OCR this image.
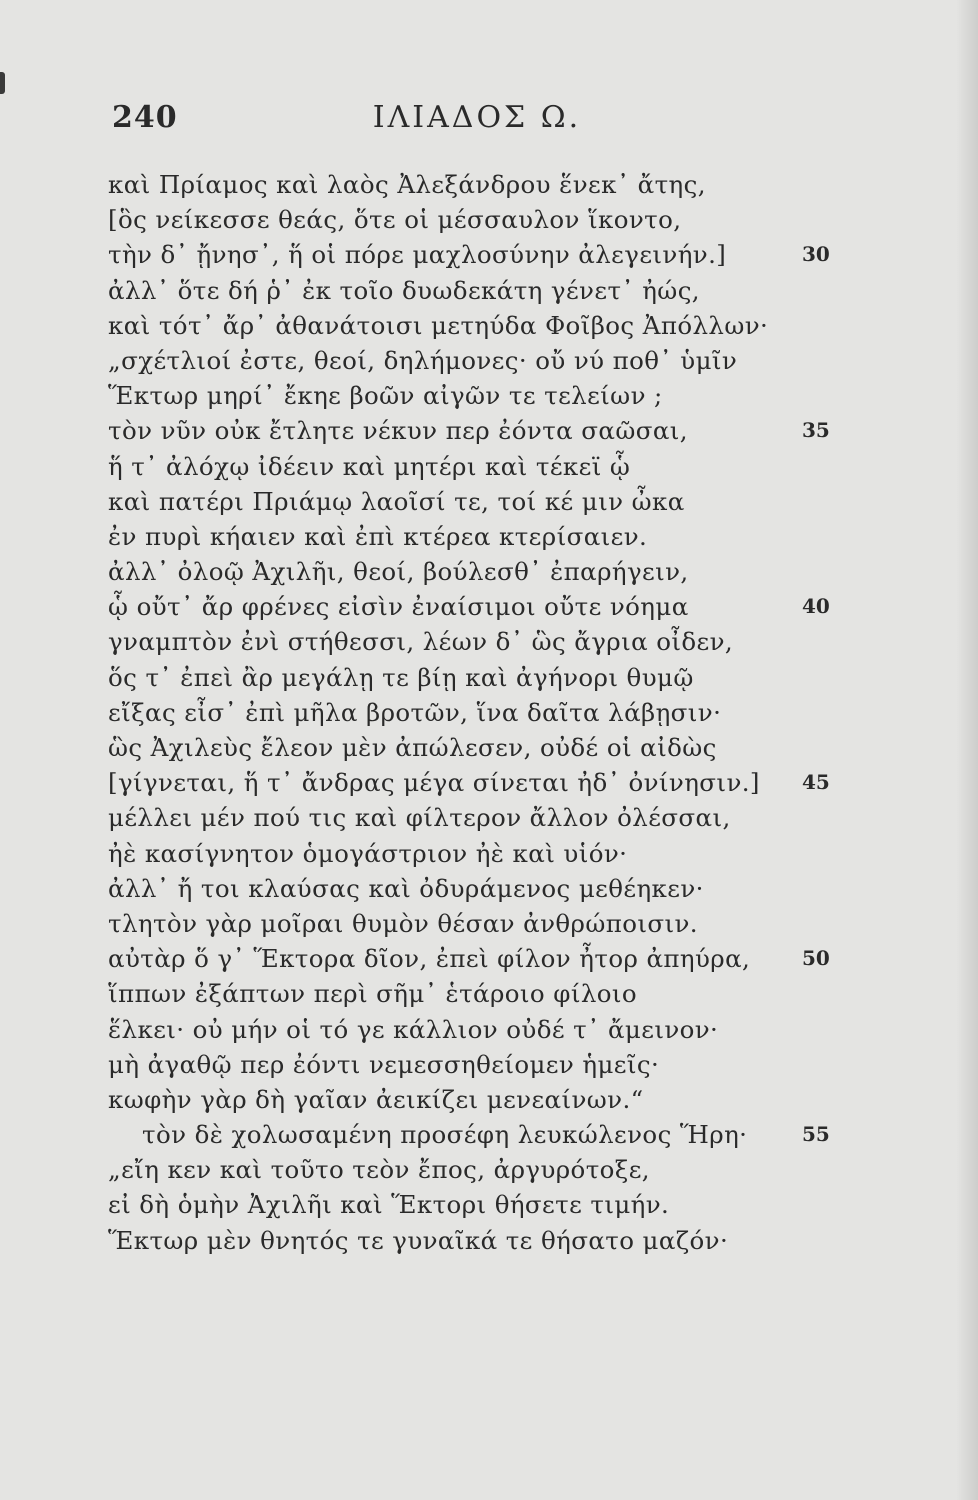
240	ΙΛΙΑΔΟΣ Ω.
καὶ Πρίαμος καὶ λαὸς Ἀλεξάνδρου ἕνεκ᾽ ἄτης,
[ὃς νείκεσσε θεάς, ὅτε οἱ μέσσαυλον ἵκοντο,
τὴν δ᾽ ᾔνησ᾽, ἥ οἱ πόρε μαχλοσύνην ἀλεγεινήν.]	30
ἀλλ᾽ ὅτε δή ῥ᾽ ἐκ τοῖο δυωδεκάτη γένετ᾽ ἠώς,
καὶ τότ᾽ ἄρ᾽ ἀθανάτοισι μετηύδα Φοῖβος Ἀπόλλων·
„σχέτλιοί ἐστε, θεοί, δηλήμονες· οὔ νύ ποθ᾽ ὑμῖν
Ἕκτωρ μηρί᾽ ἔκηε βοῶν αἰγῶν τε τελείων ;
τὸν νῦν οὐκ ἔτλητε νέκυν περ ἐόντα σαῶσαι,	35
ἥ τ᾽ ἀλόχῳ ἰδέειν καὶ μητέρι καὶ τέκεϊ ᾧ
καὶ πατέρι Πριάμῳ λαοῖσί τε, τοί κέ μιν ὦκα
ἐν πυρὶ κήαιεν καὶ ἐπὶ κτέρεα κτερίσαιεν.
ἀλλ᾽ ὀλοῷ Ἀχιλῆι, θεοί, βούλεσθ᾽ ἐπαρήγειν,
ᾧ οὔτ᾽ ἄρ φρένες εἰσὶν ἐναίσιμοι οὔτε νόημα	40
γναμπτὸν ἐνὶ στήθεσσι, λέων δ᾽ ὣς ἄγρια οἶδεν,
ὅς τ᾽ ἐπεὶ ἂρ μεγάλῃ τε βίῃ καὶ ἀγήνορι θυμῷ
εἴξας εἶσ᾽ ἐπὶ μῆλα βροτῶν, ἵνα δαῖτα λάβῃσιν·
ὣς Ἀχιλεὺς ἔλεον μὲν ἀπώλεσεν, οὐδέ οἱ αἰδὼς
[γίγνεται, ἥ τ᾽ ἄνδρας μέγα σίνεται ἠδ᾽ ὀνίνησιν.] 45
μέλλει μέν πού τις καὶ φίλτερον ἄλλον ὀλέσσαι,
ἠὲ κασίγνητον ὁμογάστριον ἠὲ καὶ υἱόν·
ἀλλ᾽ ἤ τοι κλαύσας καὶ ὀδυράμενος μεθέηκεν·
τλητὸν γὰρ μοῖραι θυμὸν θέσαν ἀνθρώποισιν.
αὐτὰρ ὅ γ᾽ Ἕκτορα δῖον, ἐπεὶ φίλον ἦτορ ἀπηύρα,	50
ἵππων ἐξάπτων περὶ σῆμ᾽ ἑτάροιο φίλοιο
ἕλκει· οὐ μήν οἱ τό γε κάλλιον οὐδέ τ᾽ ἄμεινον·
μὴ ἀγαθῷ περ ἐόντι νεμεσσηθείομεν ἡμεῖς·
κωφὴν γὰρ δὴ γαῖαν ἀεικίζει μενεαίνων.“
τὸν δὲ χολωσαμένη προσέφη λευκώλενος Ἥρη·	55
„εἴη κεν καὶ τοῦτο τεὸν ἔπος, ἀργυρότοξε,
εἰ δὴ ὁμὴν Ἀχιλῆι καὶ Ἕκτορι θήσετε τιμήν.
Ἕκτωρ μὲν θνητός τε γυναῖκά τε θήσατο μαζόν·
